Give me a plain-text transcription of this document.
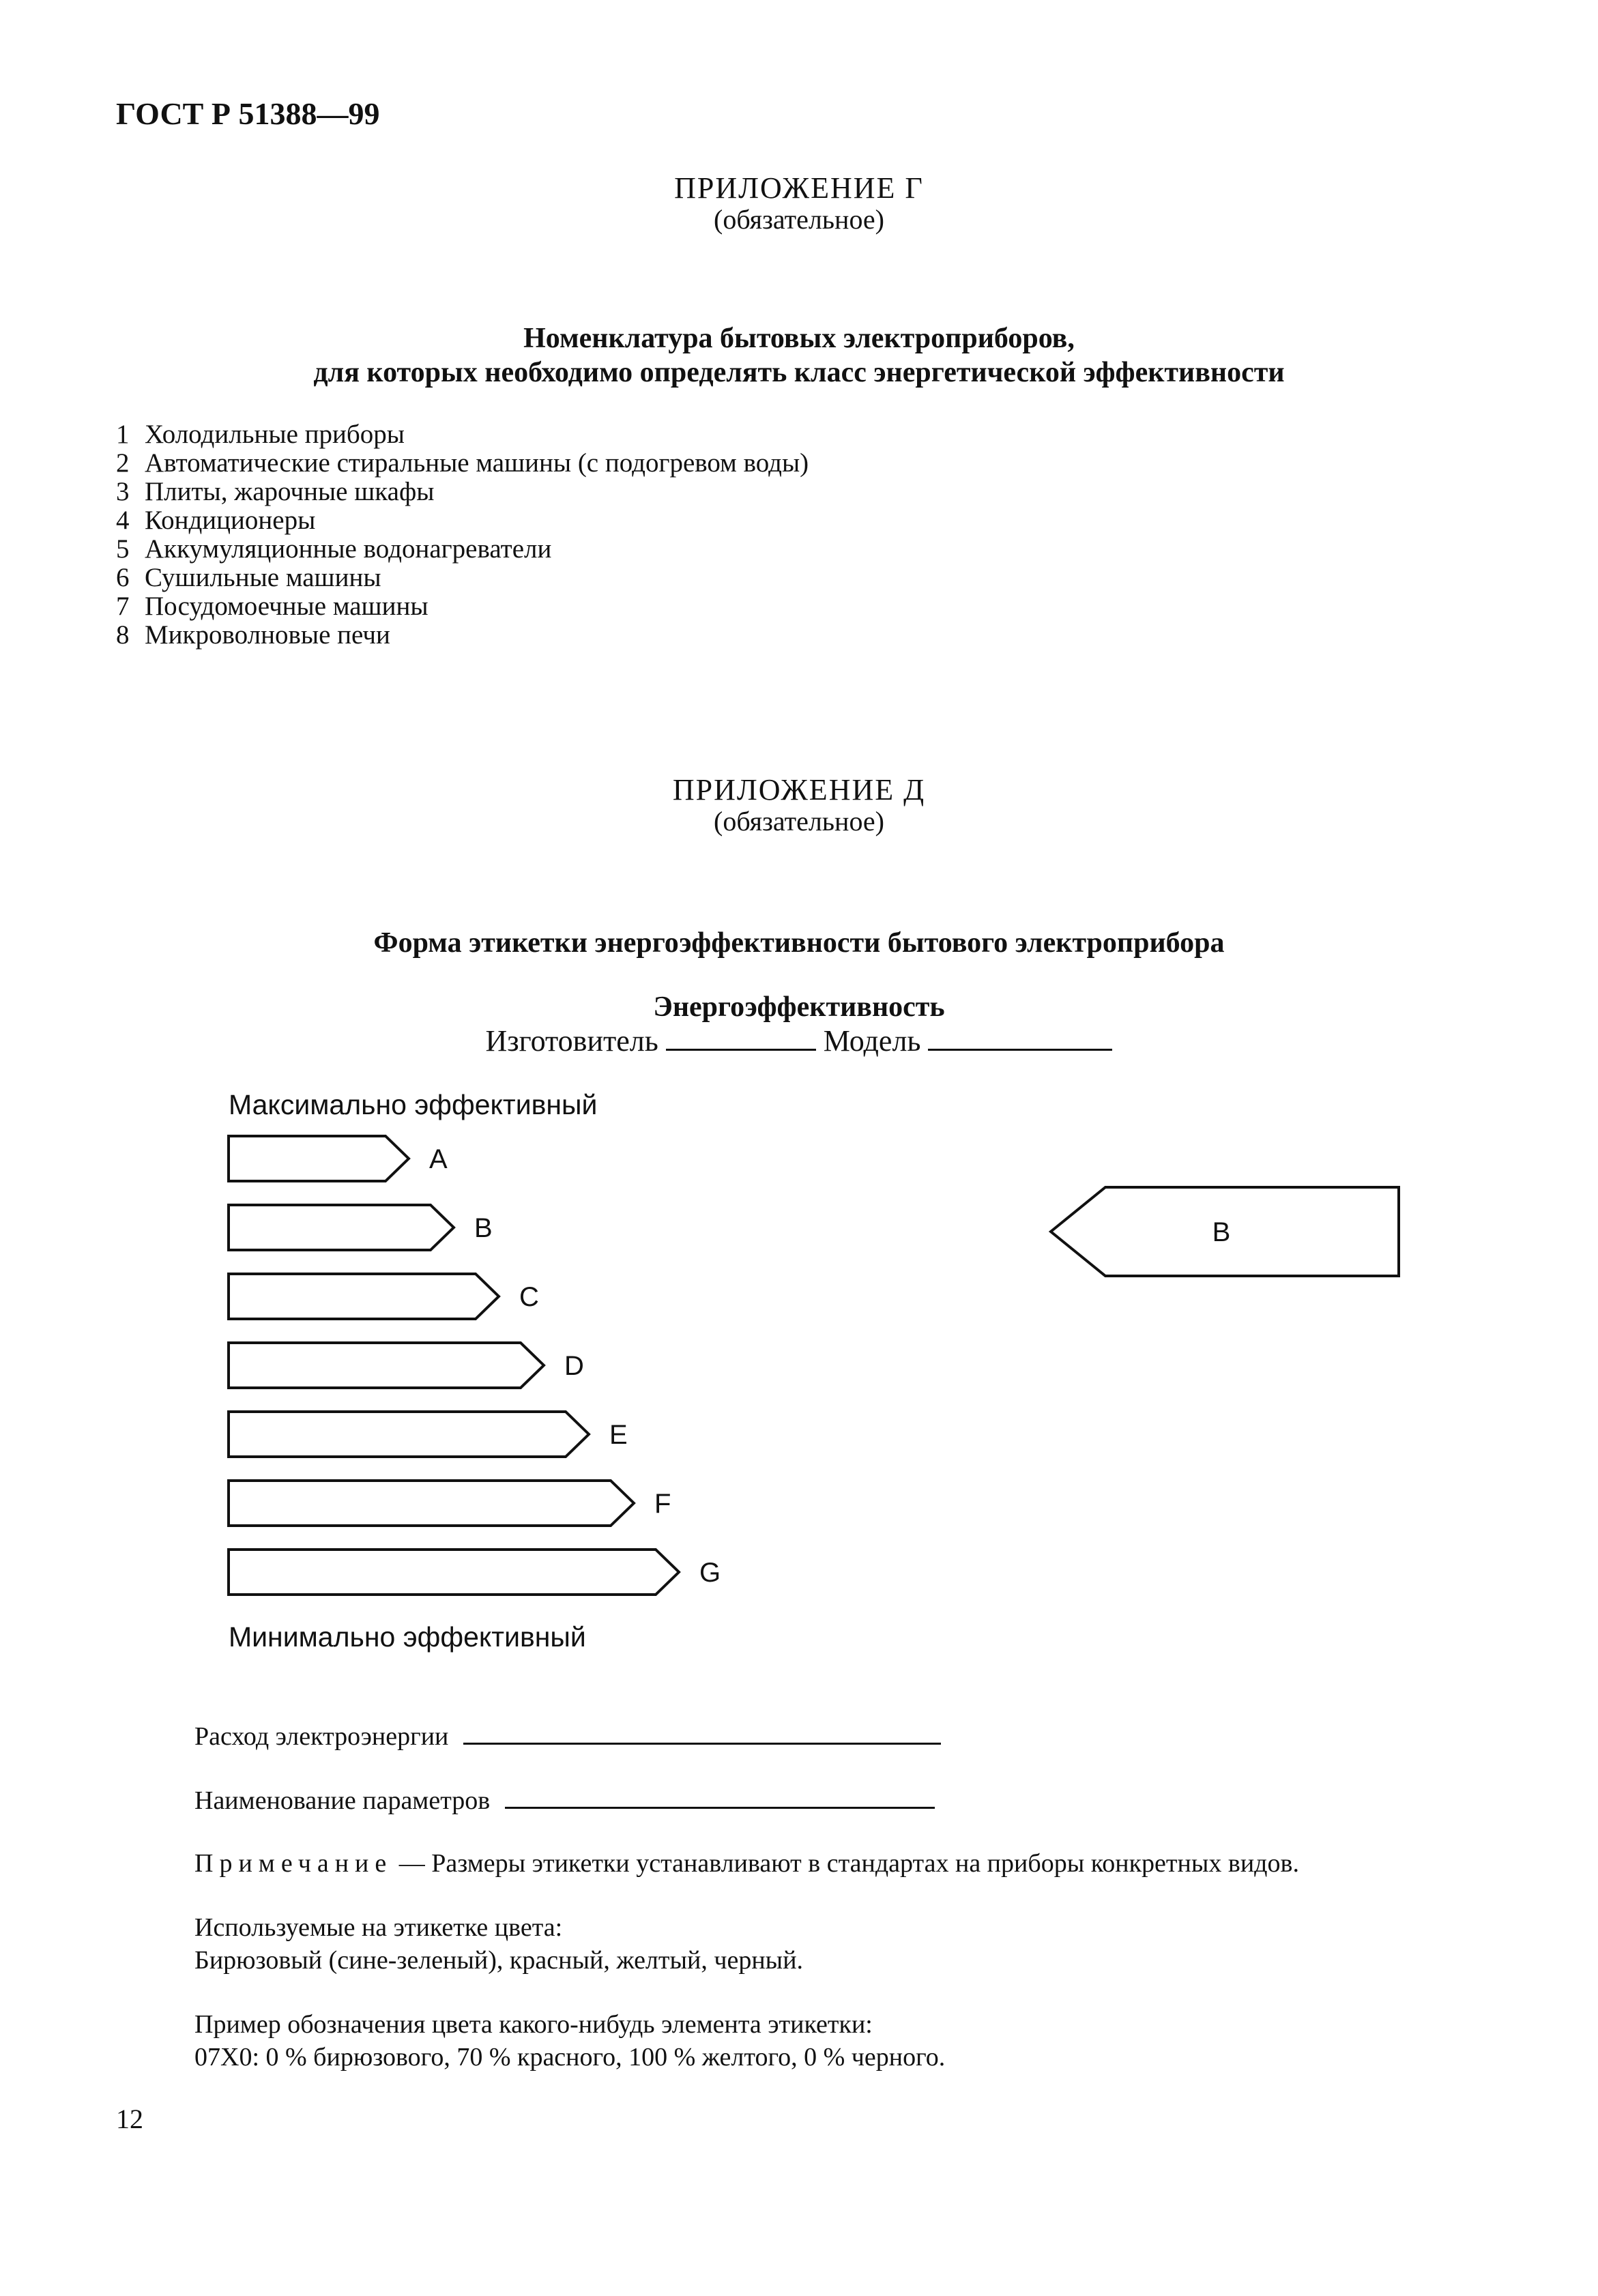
ГОСТ Р 51388—99
ПРИЛОЖЕНИЕ Г
(обязательное)
Номенклатура бытовых электроприборов,
для которых необходимо определять класс энергетической эффективности
1 Холодильные приборы
2 Автоматические стиральные машины (с подогревом воды)
3 Плиты, жарочные шкафы
4 Кондиционеры
5 Аккумуляционные водонагреватели
6 Сушильные машины
7 Посудомоечные машины
8 Микроволновые печи
ПРИЛОЖЕНИЕ Д
(обязательное)
Форма этикетки энергоэффективности бытового электроприбора
Энергоэффективность
Изготовитель	Модель
Максимально эффективный
A
B
C
D
E
F
G
B
Минимально эффективный
Расход электроэнергии
Наименование параметров
Примечание — Размеры этикетки устанавливают в стандартах на приборы конкретных видов.
Используемые на этикетке цвета:
Бирюзовый (сине-зеленый), красный, желтый, черный.
Пример обозначения цвета какого-нибудь элемента этикетки:
07X0: 0 % бирюзового, 70 % красного, 100 % желтого, 0 % черного.
12
